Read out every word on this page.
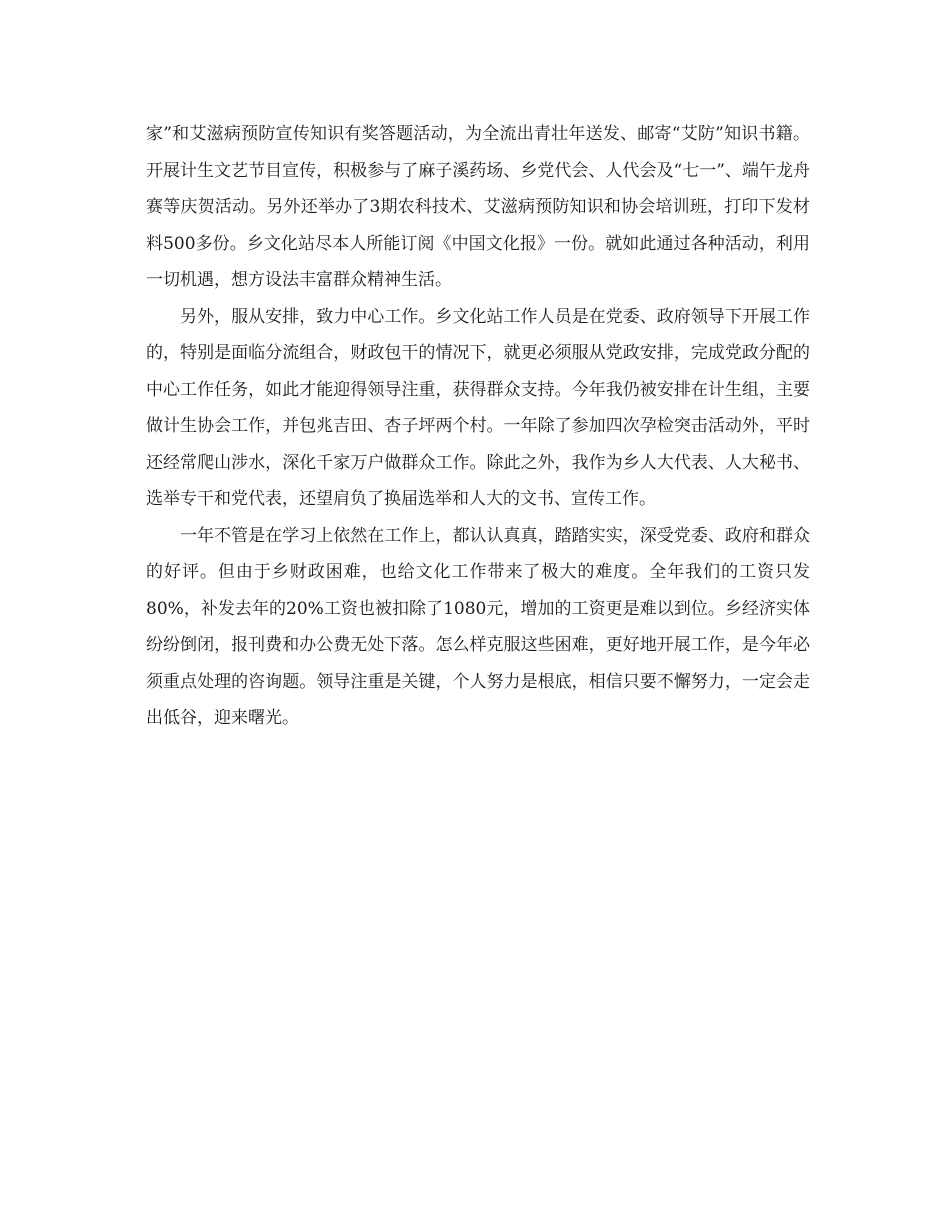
家”和艾滋病预防宣传知识有奖答题活动，为全流出青壮年送发、邮寄“艾防”知识书籍。开展计生文艺节目宣传，积极参与了麻子溪药场、乡党代会、人代会及“七一”、端午龙舟赛等庆贺活动。另外还举办了3期农科技术、艾滋病预防知识和协会培训班，打印下发材料500多份。乡文化站尽本人所能订阅《中国文化报》一份。就如此通过各种活动，利用一切机遇，想方设法丰富群众精神生活。

另外，服从安排，致力中心工作。乡文化站工作人员是在党委、政府领导下开展工作的，特别是面临分流组合，财政包干的情况下，就更必须服从党政安排，完成党政分配的中心工作任务，如此才能迎得领导注重，获得群众支持。今年我仍被安排在计生组，主要做计生协会工作，并包兆吉田、杏子坪两个村。一年除了参加四次孕检突击活动外，平时还经常爬山涉水，深化千家万户做群众工作。除此之外，我作为乡人大代表、人大秘书、选举专干和党代表，还望肩负了换届选举和人大的文书、宣传工作。

一年不管是在学习上依然在工作上，都认认真真，踏踏实实，深受党委、政府和群众的好评。但由于乡财政困难，也给文化工作带来了极大的难度。全年我们的工资只发80%，补发去年的20%工资也被扣除了1080元，增加的工资更是难以到位。乡经济实体纷纷倒闭，报刊费和办公费无处下落。怎么样克服这些困难，更好地开展工作，是今年必须重点处理的咨询题。领导注重是关键，个人努力是根底，相信只要不懈努力，一定会走出低谷，迎来曙光。
